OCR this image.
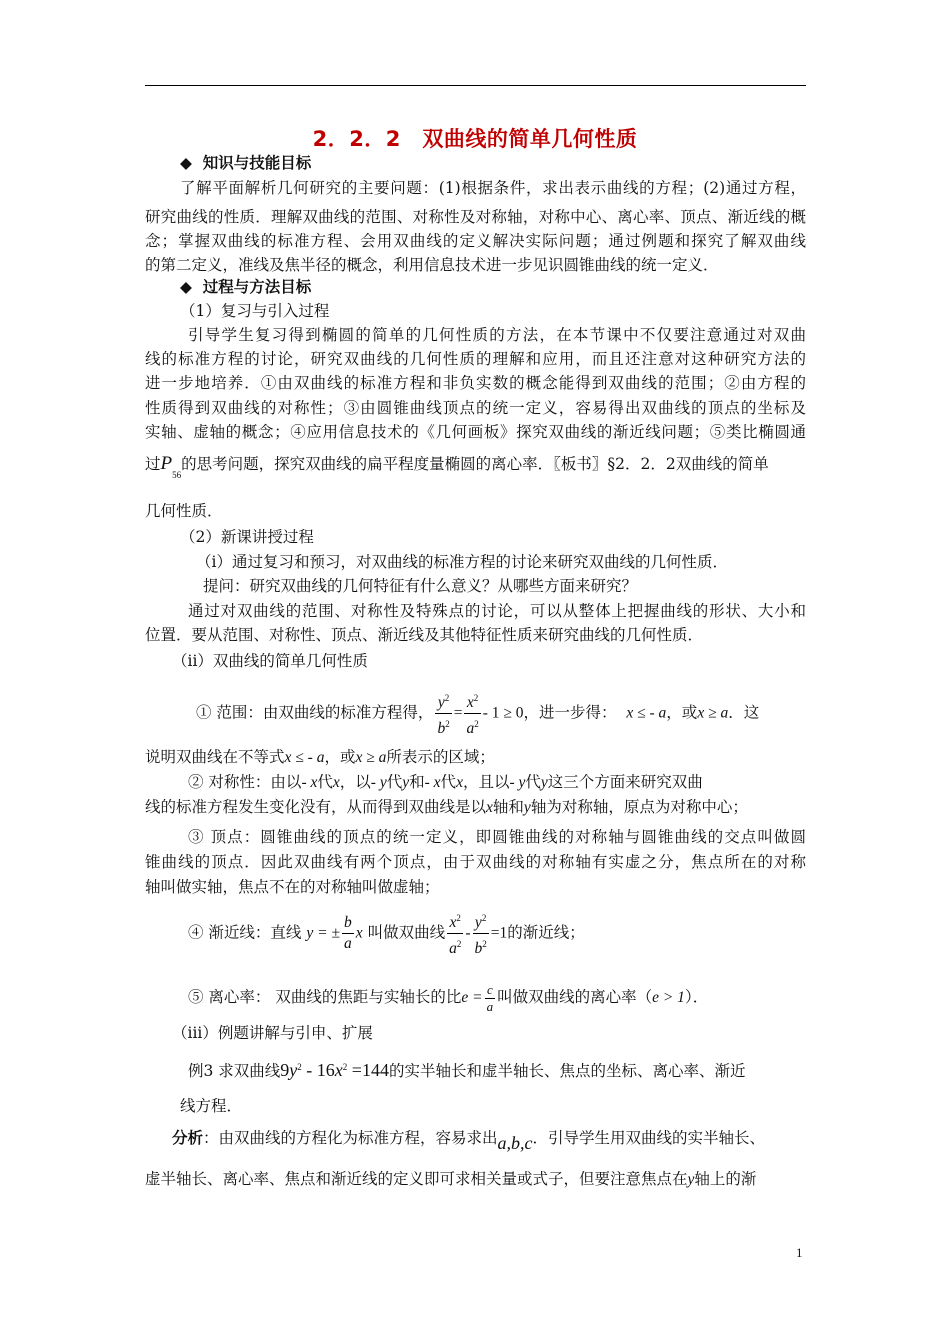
2．2．2　双曲线的简单几何性质
◆ 知识与技能目标
了解平面解析几何研究的主要问题：(1)根据条件，求出表示曲线的方程；(2)通过方程，
研究曲线的性质．理解双曲线的范围、对称性及对称轴，对称中心、离心率、顶点、渐近线的概
念；掌握双曲线的标准方程、会用双曲线的定义解决实际问题；通过例题和探究了解双曲线
的第二定义，准线及焦半径的概念，利用信息技术进一步见识圆锥曲线的统一定义．
◆ 过程与方法目标
（1）复习与引入过程
引导学生复习得到椭圆的简单的几何性质的方法，在本节课中不仅要注意通过对双曲
线的标准方程的讨论，研究双曲线的几何性质的理解和应用，而且还注意对这种研究方法的
进一步地培养．①由双曲线的标准方程和非负实数的概念能得到双曲线的范围；②由方程的
性质得到双曲线的对称性；③由圆锥曲线顶点的统一定义，容易得出双曲线的顶点的坐标及
实轴、虚轴的概念；④应用信息技术的《几何画板》探究双曲线的渐近线问题；⑤类比椭圆通
过$P_{56}$的思考问题，探究双曲线的扁平程度量椭圆的离心率．〖板书〗§2．2．2双曲线的简单
几何性质．
（2）新课讲授过程
（i）通过复习和预习，对双曲线的标准方程的讨论来研究双曲线的几何性质．
提问：研究双曲线的几何特征有什么意义？从哪些方面来研究？
通过对双曲线的范围、对称性及特殊点的讨论，可以从整体上把握曲线的形状、大小和
位置．要从范围、对称性、顶点、渐近线及其他特征性质来研究曲线的几何性质．
（ii）双曲线的简单几何性质
① 范围：由双曲线的标准方程得， $\frac{y^2}{b^2} = \frac{x^2}{a^2} - 1 \ge 0$，进一步得： x ≤ - a，或x ≥ a．这
说明双曲线在不等式x ≤ - a，或x ≥ a所表示的区域；
② 对称性：由以- x代x，以- y代y和- x代x，且以- y代y这三个方面来研究双曲
线的标准方程发生变化没有，从而得到双曲线是以x轴和y轴为对称轴，原点为对称中心；
③ 顶点：圆锥曲线的顶点的统一定义，即圆锥曲线的对称轴与圆锥曲线的交点叫做圆
锥曲线的顶点．因此双曲线有两个顶点，由于双曲线的对称轴有实虚之分，焦点所在的对称
轴叫做实轴，焦点不在的对称轴叫做虚轴；
④ 渐近线：直线 y = ± $\frac{b}{a}$ x 叫做双曲线 $\frac{x^2}{a^2} - \frac{y^2}{b^2} =1$的渐近线；
⑤ 离心率： 双曲线的焦距与实轴长的比$e = \frac{c}{a}$ 叫做双曲线的离心率（e > 1）．
（iii）例题讲解与引申、扩展
例3 求双曲线$9y^2 - 16x^2 =144$的实半轴长和虚半轴长、焦点的坐标、离心率、渐近
线方程．
分析：由双曲线的方程化为标准方程，容易求出a,b,c．引导学生用双曲线的实半轴长、
虚半轴长、离心率、焦点和渐近线的定义即可求相关量或式子，但要注意焦点在y轴上的渐
1
